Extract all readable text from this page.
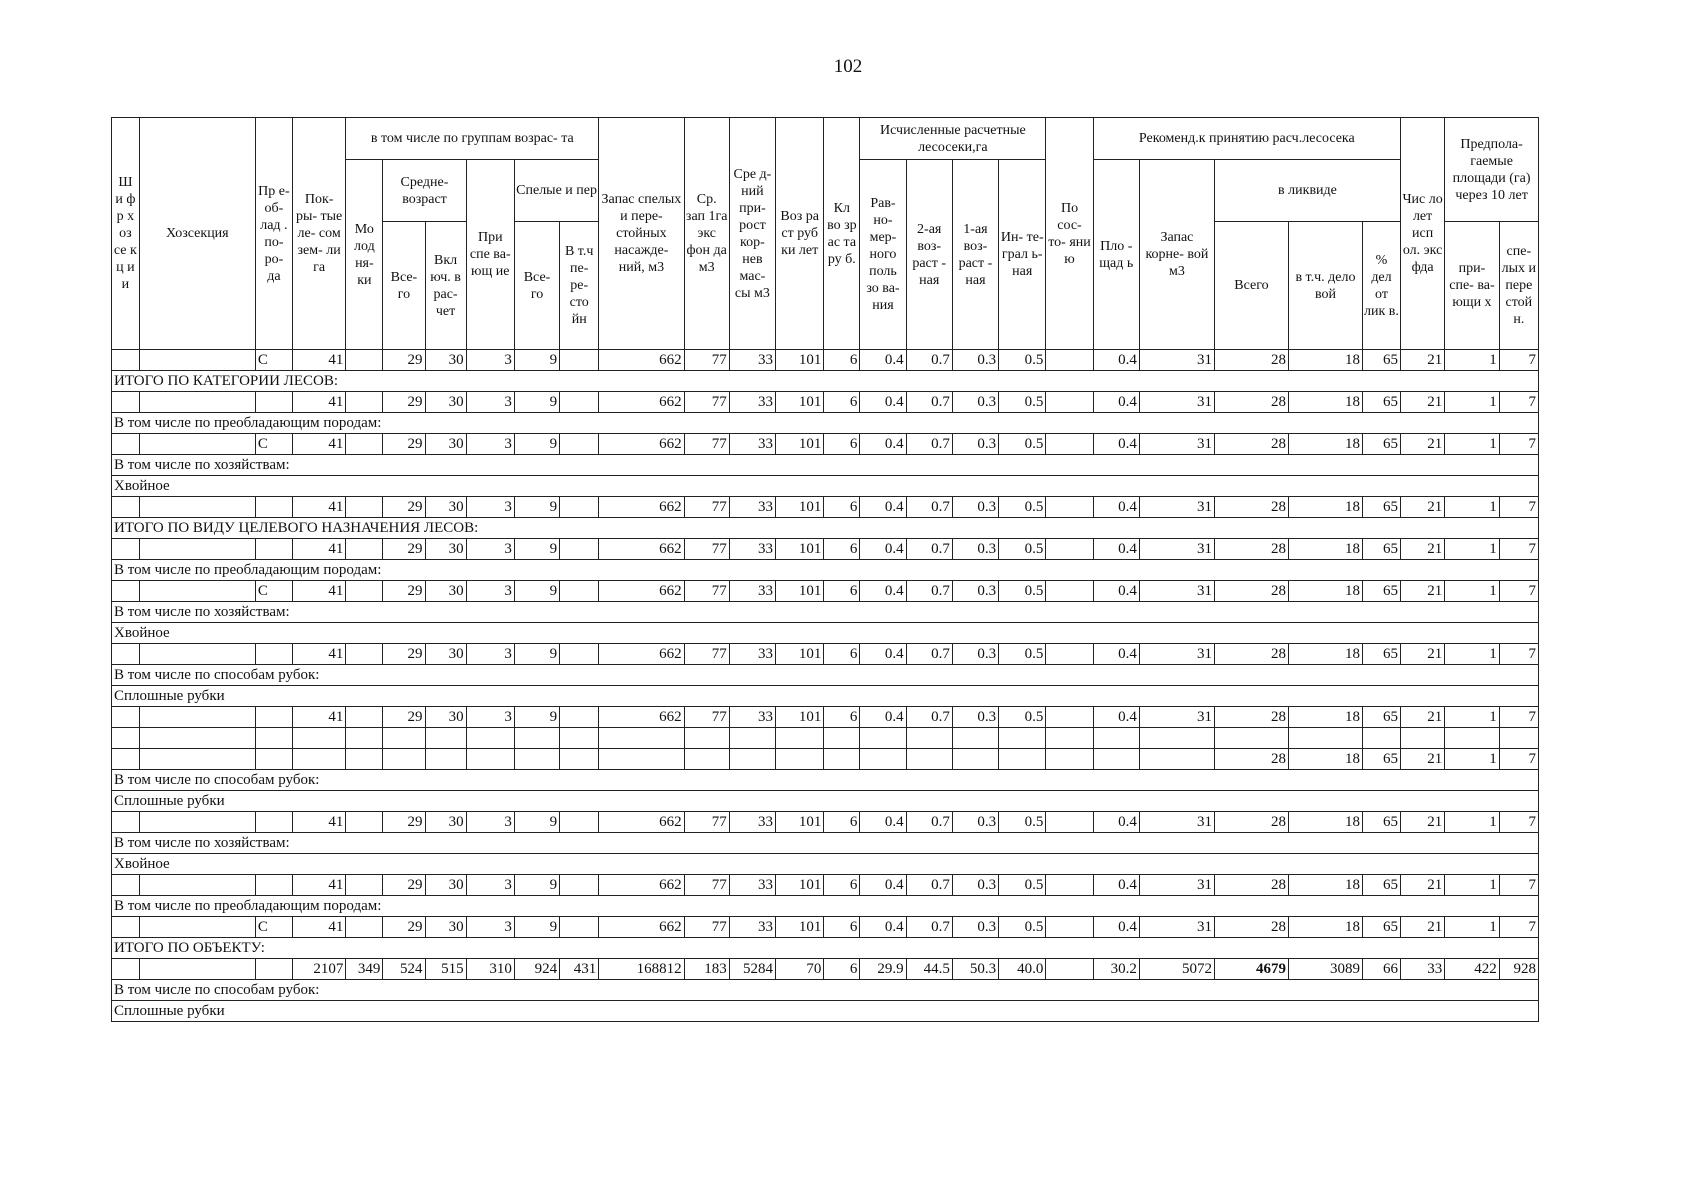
102
Ш и ф р х оз се к ц и и	Хозсекция	Пр е- об- лад . по- ро- да	Пок- ры- тые ле- сом зем- ли га	в том числе по группам возрас- та						Запас спелых и пере- стойных насажде- ний, м3	Ср. зап 1га экс фон да м3	Сре д- ний при- рост кор- нев мас- сы м3	Воз ра ст руб ки лет	Кл во зр ас та ру б.	Исчисленные расчетные лесосеки,га				По сос- то- яни ю	Рекоменд.к принятию расч.лесосека					Чис ло лет исп ол. экс фда	Предпола- гаемые площади (га) через 10 лет	
				Мо лод ня- ки	Средне- возраст		При спе ва- ющ ие	Спелые и пер							Рав- но- мер- ного поль зо ва- ния	2-ая воз- раст - ная	1-ая воз- раст - ная	Ин- те- грал ь- ная		Пло - щад ь	Запас корне- вой м3	в ликвиде					
					Все- го	Вкл юч. в рас- чет		Все- го	В т.ч пе- ре- сто йн													Всего	в т.ч. дело вой	% дел от лик в.		при- спе- ва- ющи х	спе- лых и пере стой н.
		С	41		29	30	3	9		662	77	33	101	6	0.4	0.7	0.3	0.5		0.4	31	28	18	65	21	1	7
ИТОГО ПО КАТЕГОРИИ ЛЕСОВ:																											
			41		29	30	3	9		662	77	33	101	6	0.4	0.7	0.3	0.5		0.4	31	28	18	65	21	1	7
В том числе по преобладающим породам:																											
		С	41		29	30	3	9		662	77	33	101	6	0.4	0.7	0.3	0.5		0.4	31	28	18	65	21	1	7
В том числе по хозяйствам:																											
Хвойное																											
			41		29	30	3	9		662	77	33	101	6	0.4	0.7	0.3	0.5		0.4	31	28	18	65	21	1	7
ИТОГО ПО ВИДУ ЦЕЛЕВОГО НАЗНАЧЕНИЯ ЛЕСОВ:																											
			41		29	30	3	9		662	77	33	101	6	0.4	0.7	0.3	0.5		0.4	31	28	18	65	21	1	7
В том числе по преобладающим породам:																											
		С	41		29	30	3	9		662	77	33	101	6	0.4	0.7	0.3	0.5		0.4	31	28	18	65	21	1	7
В том числе по хозяйствам:																											
Хвойное																											
			41		29	30	3	9		662	77	33	101	6	0.4	0.7	0.3	0.5		0.4	31	28	18	65	21	1	7
В том числе по способам рубок:																											
Сплошные рубки																											
			41		29	30	3	9		662	77	33	101	6	0.4	0.7	0.3	0.5		0.4	31	28	18	65	21	1	7

																						28	18	65	21	1	7
В том числе по способам рубок:																											
Сплошные рубки																											
			41		29	30	3	9		662	77	33	101	6	0.4	0.7	0.3	0.5		0.4	31	28	18	65	21	1	7
В том числе по хозяйствам:																											
Хвойное																											
			41		29	30	3	9		662	77	33	101	6	0.4	0.7	0.3	0.5		0.4	31	28	18	65	21	1	7
В том числе по преобладающим породам:																											
		С	41		29	30	3	9		662	77	33	101	6	0.4	0.7	0.3	0.5		0.4	31	28	18	65	21	1	7
ИТОГО ПО ОБЪЕКТУ:																											
			2107	349	524	515	310	924	431	168812	183	5284	70	6	29.9	44.5	50.3	40.0		30.2	5072	4679	3089	66	33	422	928
В том числе по способам рубок:																											
Сплошные рубки																											
